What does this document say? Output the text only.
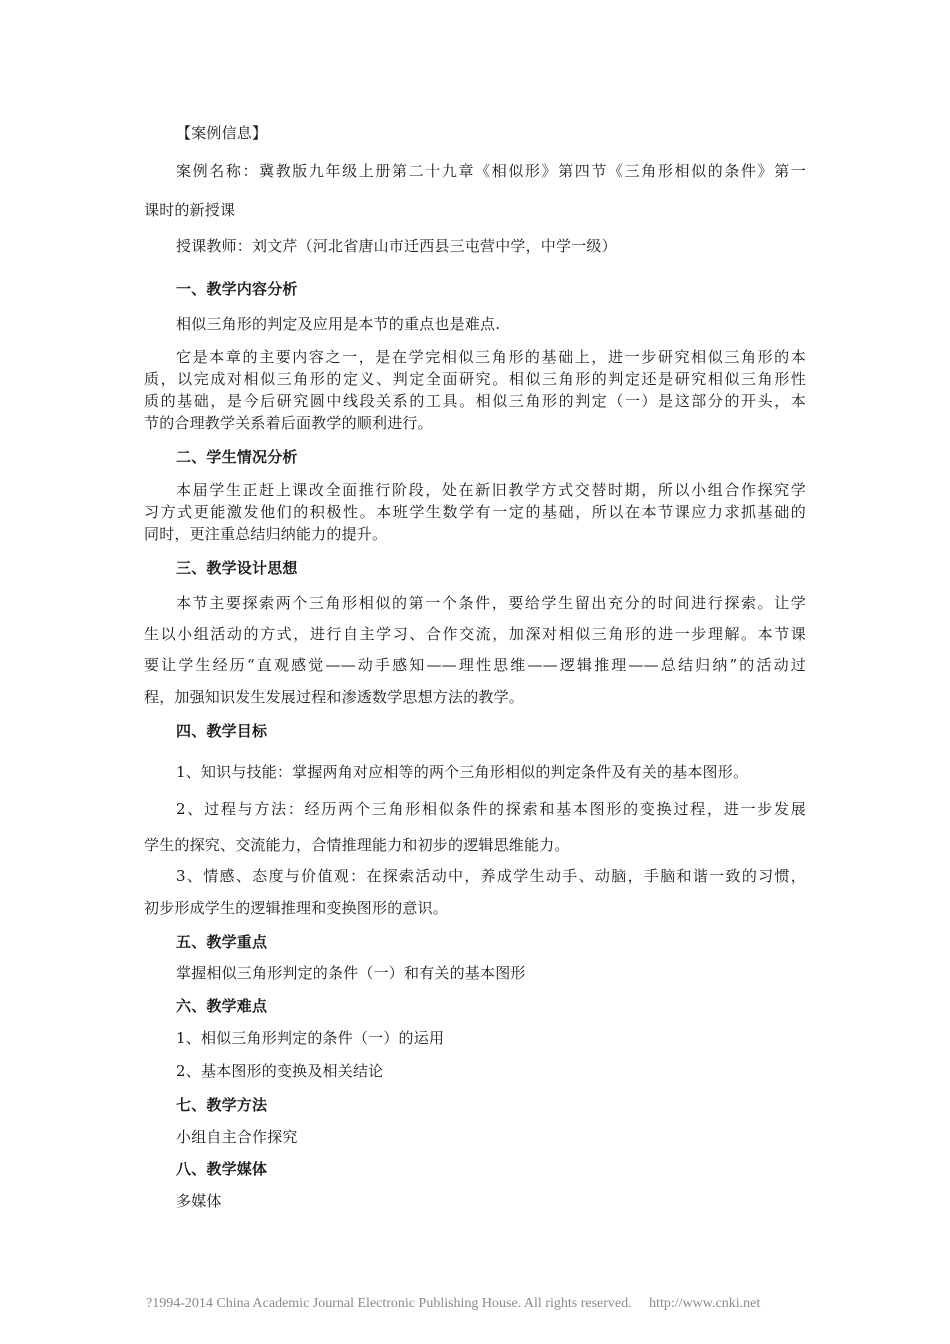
【案例信息】

案例名称：冀教版九年级上册第二十九章《相似形》第四节《三角形相似的条件》第一

课时的新授课

授课教师：刘文芹（河北省唐山市迁西县三屯营中学，中学一级）

一、教学内容分析

相似三角形的判定及应用是本节的重点也是难点.

它是本章的主要内容之一，是在学完相似三角形的基础上，进一步研究相似三角形的本

质，以完成对相似三角形的定义、判定全面研究。相似三角形的判定还是研究相似三角形性

质的基础，是今后研究圆中线段关系的工具。相似三角形的判定（一）是这部分的开头，本

节的合理教学关系着后面教学的顺利进行。

二、学生情况分析

本届学生正赶上课改全面推行阶段，处在新旧教学方式交替时期，所以小组合作探究学

习方式更能激发他们的积极性。本班学生数学有一定的基础，所以在本节课应力求抓基础的

同时，更注重总结归纳能力的提升。

三、教学设计思想

本节主要探索两个三角形相似的第一个条件，要给学生留出充分的时间进行探索。让学

生以小组活动的方式，进行自主学习、合作交流，加深对相似三角形的进一步理解。本节课

要让学生经历“直观感觉——动手感知——理性思维——逻辑推理——总结归纳”的活动过

程，加强知识发生发展过程和渗透数学思想方法的教学。

四、教学目标

1、知识与技能：掌握两角对应相等的两个三角形相似的判定条件及有关的基本图形。

2、过程与方法：经历两个三角形相似条件的探索和基本图形的变换过程，进一步发展

学生的探究、交流能力，合情推理能力和初步的逻辑思维能力。

3、情感、态度与价值观：在探索活动中，养成学生动手、动脑，手脑和谐一致的习惯，

初步形成学生的逻辑推理和变换图形的意识。

五、教学重点

掌握相似三角形判定的条件（一）和有关的基本图形

六、教学难点

1、相似三角形判定的条件（一）的运用

2、基本图形的变换及相关结论

七、教学方法

小组自主合作探究

八、教学媒体

多媒体

?1994-2014 China Academic Journal Electronic Publishing House. All rights reserved. http://www.cnki.net
